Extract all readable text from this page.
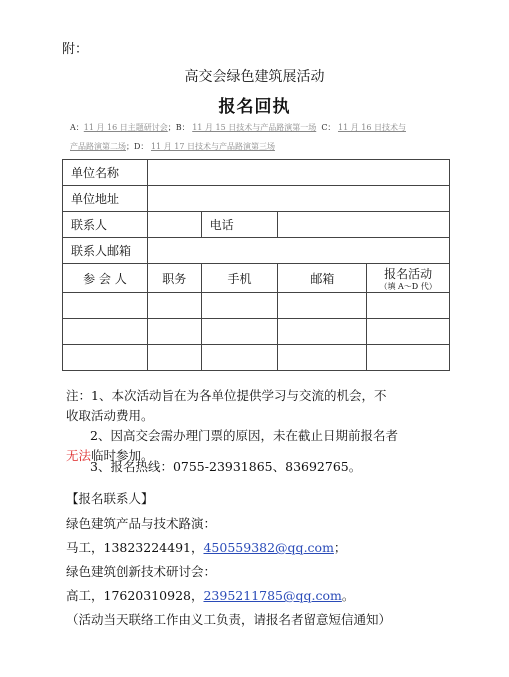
附：
高交会绿色建筑展活动
报名回执
A：11 月 16 日主题研讨会；B： 11 月 15 日技术与产品路演第一场 C： 11 月 16 日技术与
产品路演第二场；D： 11 月 17 日技术与产品路演第三场
单位名称				
单位地址				
联系人		电话		
联系人邮箱				
参 会 人	职务	手机	邮箱	报名活动
（填 A～D 代）

注：1、本次活动旨在为各单位提供学习与交流的机会，不
收取活动费用。
2、因高交会需办理门票的原因，未在截止日期前报名者
无法临时参加。
3、报名热线：0755-23931865、83692765。
【报名联系人】
绿色建筑产品与技术路演：
马工，13823224491，450559382@qq.com；
绿色建筑创新技术研讨会：
高工，17620310928，2395211785@qq.com。
（活动当天联络工作由义工负责，请报名者留意短信通知）
